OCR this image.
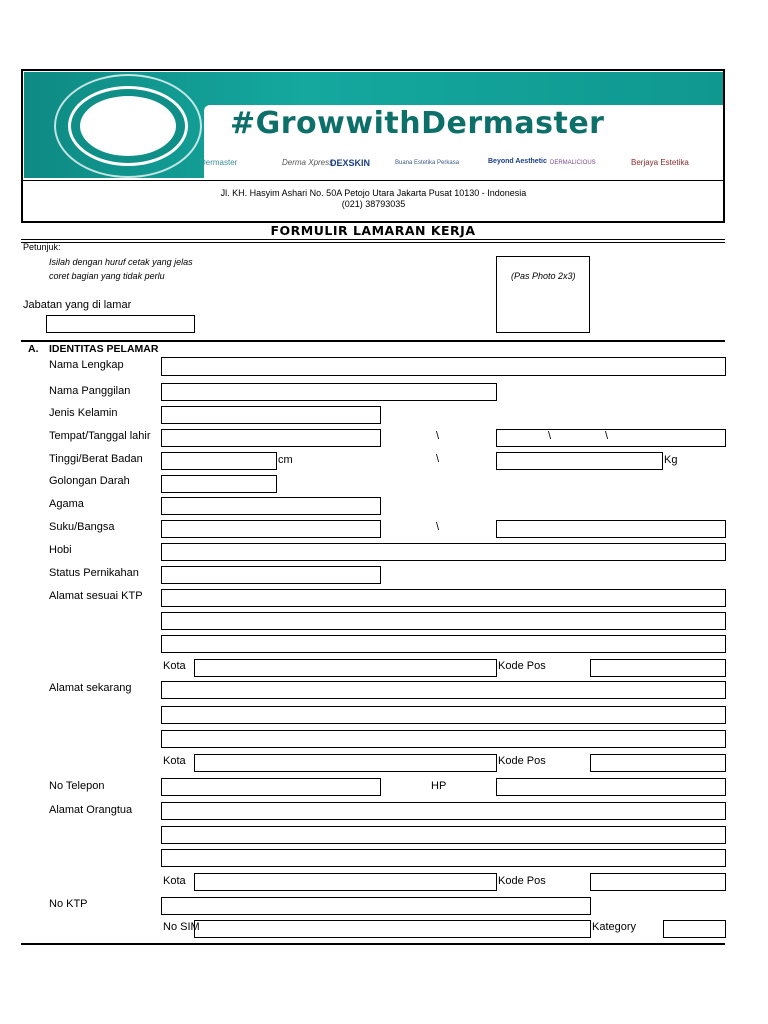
#GrowwithDermaster
Dermaster	Derma Xpress
DEXSKIN	Buana Estetika Perkasa	Beyond Aesthetic DERMALICIOUS	Berjaya Estetika
Jl. KH. Hasyim Ashari No. 50A Petojo Utara Jakarta Pusat 10130 - Indonesia
(021) 38793035
FORMULIR LAMARAN KERJA
Petunjuk:
Isilah dengan huruf cetak yang jelas
coret bagian yang tidak perlu	(Pas Photo 2x3)
Jabatan yang di lamar
A. IDENTITAS PELAMAR
Nama Lengkap
Nama Panggilan
Jenis Kelamin
Tempat/Tanggal lahir	\	\	\
Tinggi/Berat Badan	cm	\	Kg
Golongan Darah
Agama
Suku/Bangsa	\
Hobi
Status Pernikahan
Alamat sesuai KTP
Kota	Kode Pos
Alamat sekarang
Kota	Kode Pos
No Telepon	HP
Alamat Orangtua
Kota	Kode Pos
No KTP
No SIM	Kategory
